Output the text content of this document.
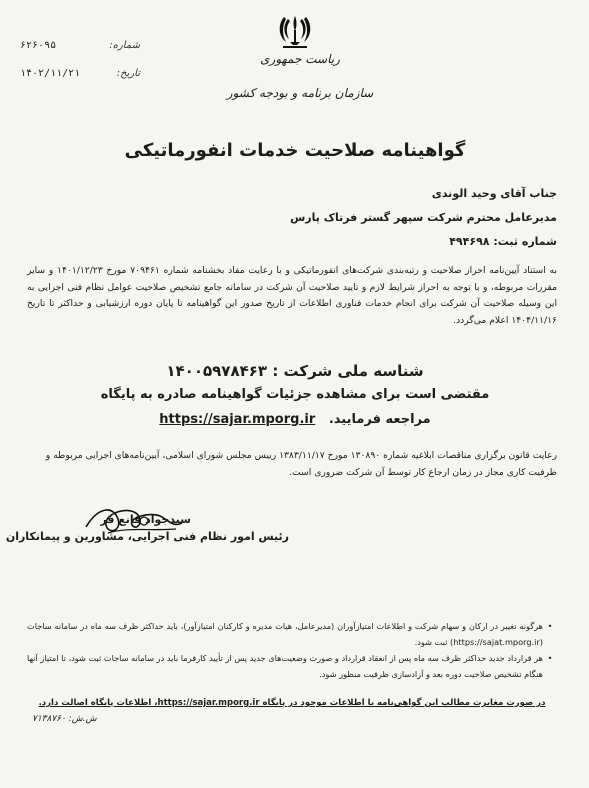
ریاست جمهوری
سازمان برنامه و بودجه کشور
شماره:
۶۲۶۰۹۵
تاریخ:
۱۴۰۲/۱۱/۲۱
گواهینامه صلاحیت خدمات انفورماتیکی
جناب آقای وحید الوندی
مدیرعامل محترم شرکت سپهر گستر فرتاک پارس
شماره ثبت: ۴۹۴۶۹۸
به استناد آیین‌نامه احراز صلاحیت و رتبه‌بندی شرکت‌های انفورماتیکی و با رعایت مفاد بخشنامه شماره ۷۰۹۴۶۱ مورخ ۱۴۰۱/۱۲/۲۳ و سایر مقررات مربوطه، و با توجه به احراز شرایط لازم و تایید صلاحیت آن شرکت در سامانه جامع تشخیص صلاحیت عوامل نظام فنی اجرایی به این وسیله صلاحیت آن شرکت برای انجام خدمات فناوری اطلاعات از تاریخ صدور این گواهینامه تا پایان دوره ارزشیابی و حداکثر تا تاریخ ۱۴۰۴/۱۱/۱۶ اعلام می‌گردد.
شناسه ملی شرکت : ۱۴۰۰۵۹۷۸۴۶۳
مقتضی است برای مشاهده جزئیات گواهینامه صادره به پایگاه
مراجعه فرمایید.   https://sajar.mporg.ir
رعایت قانون برگزاری مناقصات ابلاغیه شماره ۱۳۰۸۹۰ مورخ ۱۳۸۳/۱۱/۱۷ رییس مجلس شورای اسلامی، آیین‌نامه‌های اجرایی مربوطه و ظرفیت کاری مجاز در زمان ارجاع کار توسط آن شرکت ضروری است.
سیدجواد قانع فر
رئیس امور نظام فنی اجرایی، مشاورین و پیمانکاران
•
هرگونه تغییر در ارکان و سهام شرکت و اطلاعات امتیازآوران (مدیرعامل، هیات مدیره و کارکنان امتیازآور)، باید حداکثر ظرف سه ماه در سامانه ساجات (https://sajat.mporg.ir) ثبت شود.
•
هر قرارداد جدید حداکثر ظرف سه ماه پس از انعقاد قرارداد و صورت وضعیت‌های جدید پس از تأیید کارفرما باید در سامانه ساجات ثبت شود، تا امتیاز آنها هنگام تشخیص صلاحیت دوره بعد و آزادسازی ظرفیت منظور شود.
در صورت مغایرت مطالب این گواهی‌نامه با اطلاعات موجود در پایگاه https://sajar.mporg.ir، اطلاعات پایگاه اصالت دارد.
ش.ش: ۷۱۳۸۷۶۰
